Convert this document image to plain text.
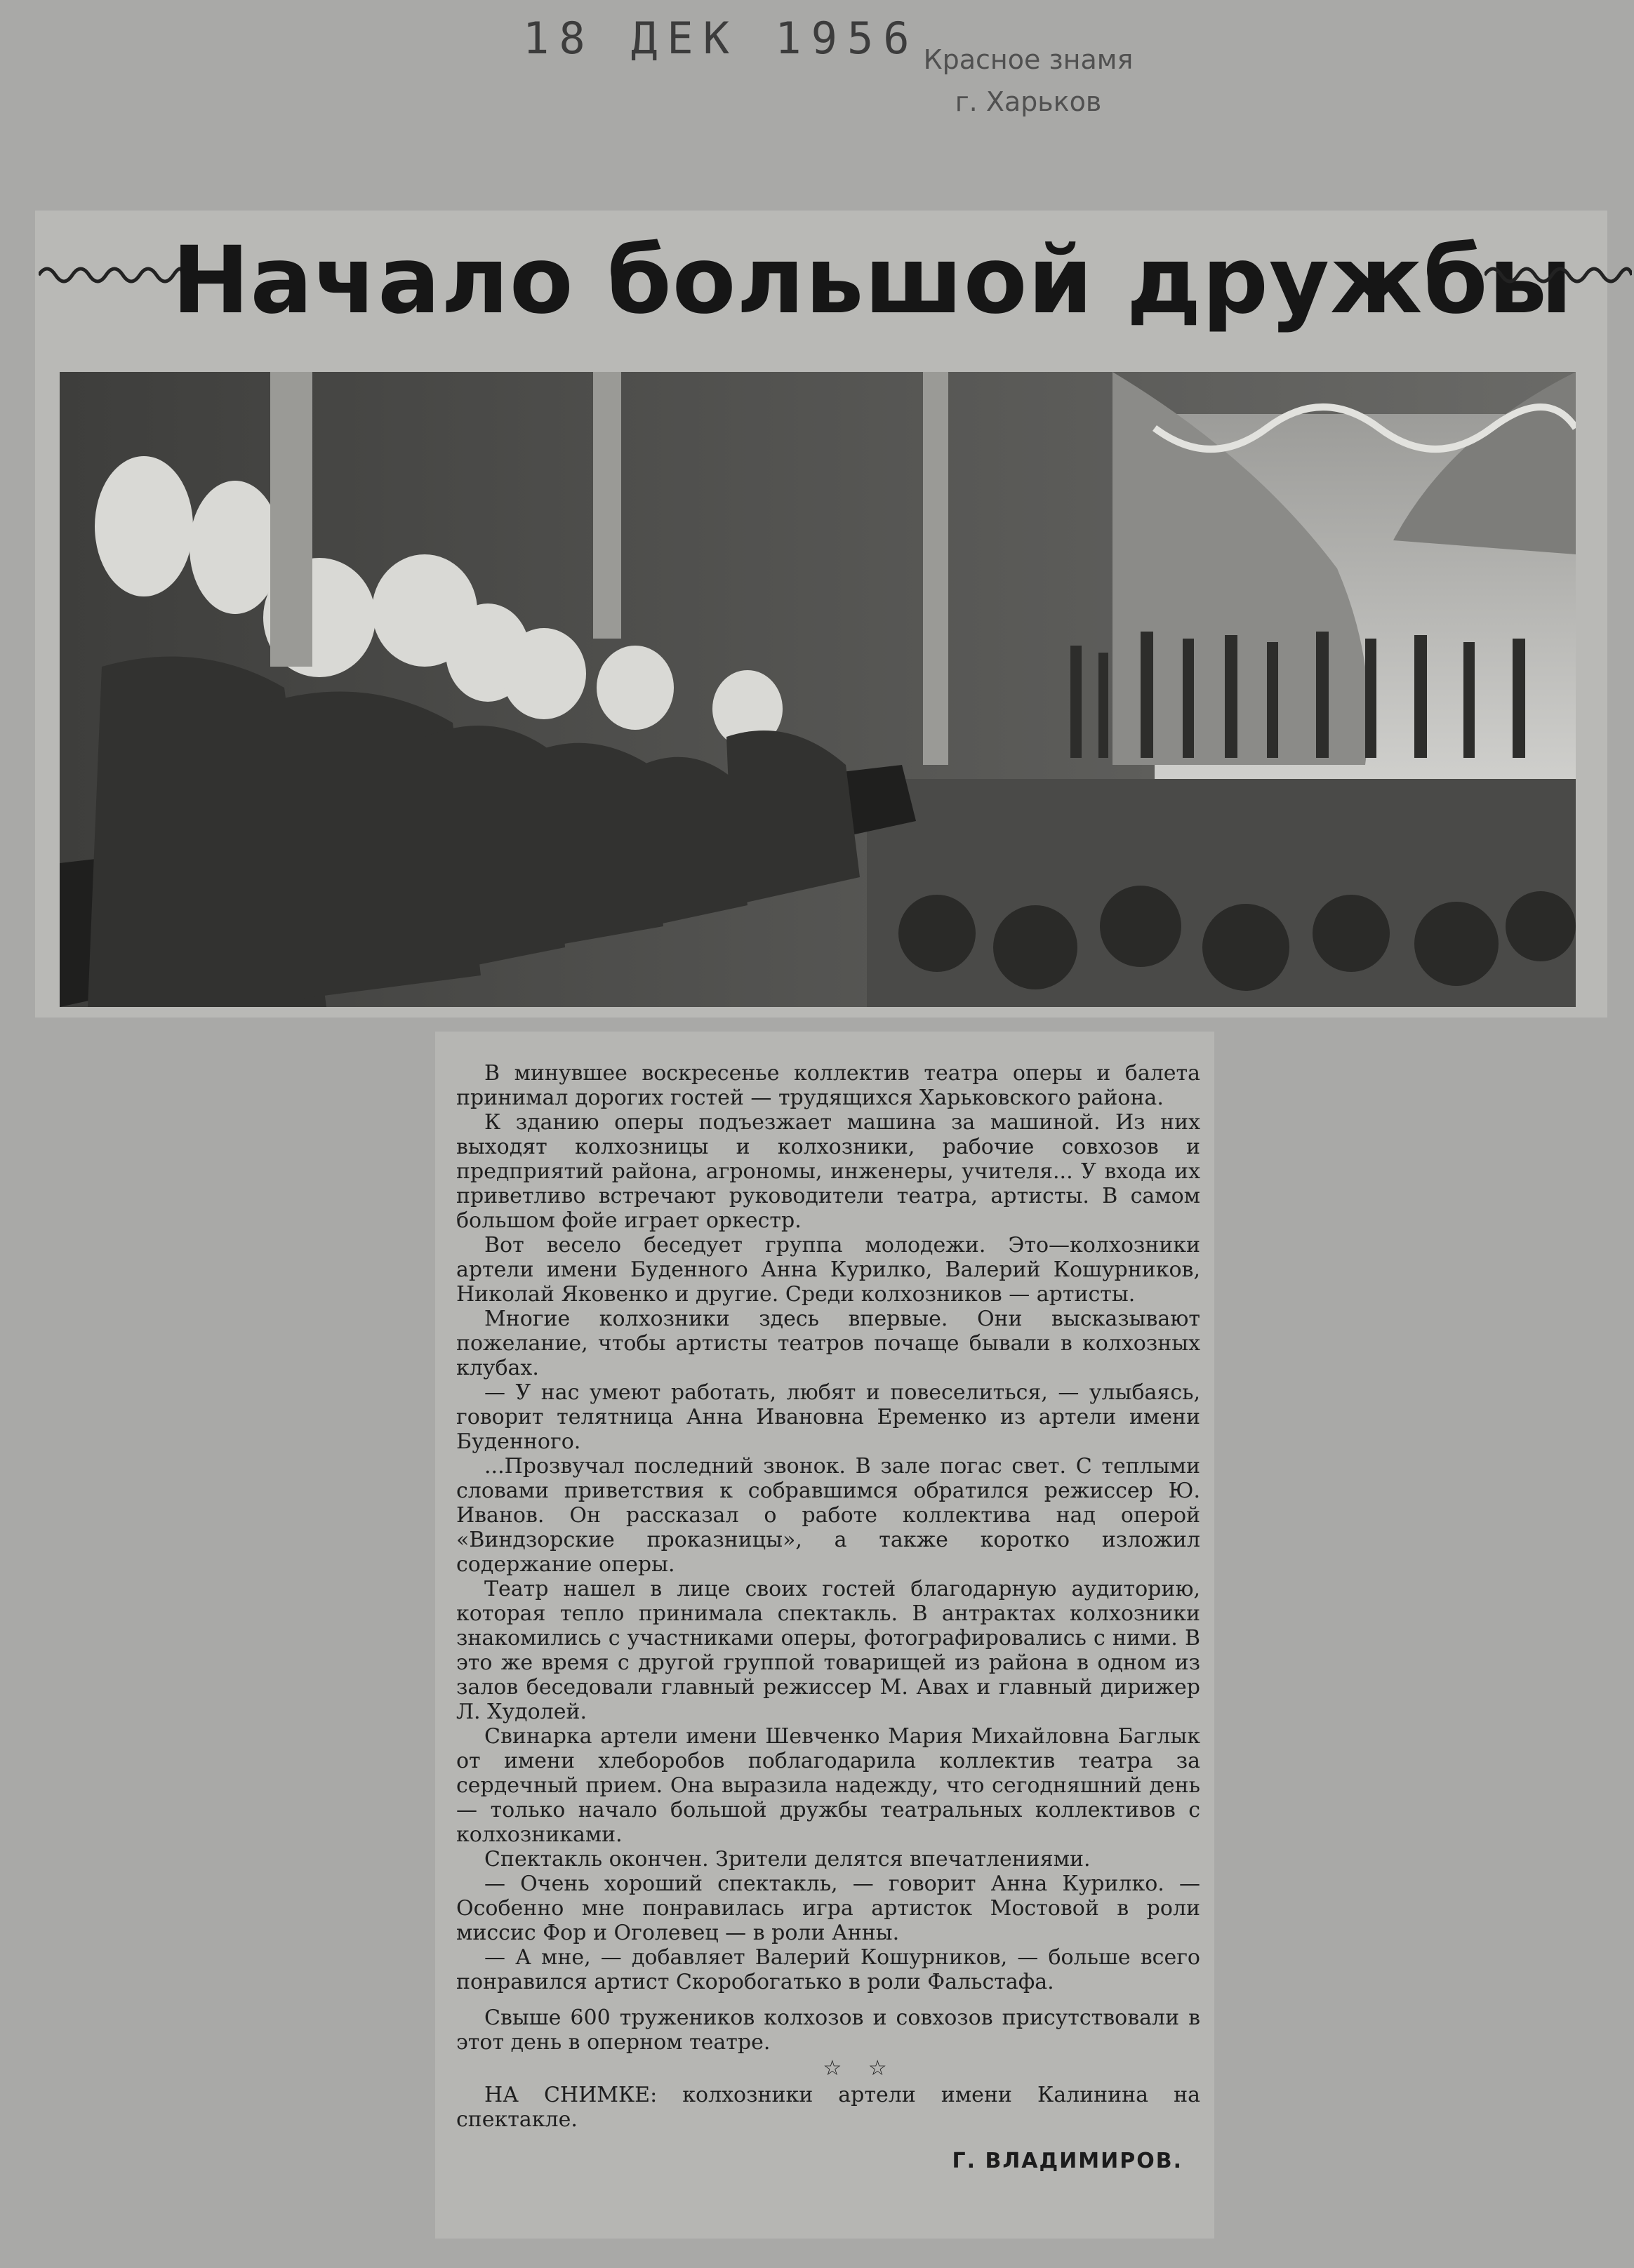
18 ДЕК 1956 Красное знамя
г. Харьков
Начало большой дружбы

В минувшее воскресенье коллектив театра оперы и балета принимал дорогих гостей — трудящихся Харьковского района.

К зданию оперы подъезжает машина за машиной. Из них выходят колхозницы и колхозники, рабочие совхозов и предприятий района, агрономы, инженеры, учителя... У входа их приветливо встречают руководители театра, артисты. В самом большом фойе играет оркестр.

Вот весело беседует группа молодежи. Это—колхозники артели имени Буденного Анна Курилко, Валерий Кошурников, Николай Яковенко и другие. Среди колхозников — артисты.

Многие колхозники здесь впервые. Они высказывают пожелание, чтобы артисты театров почаще бывали в колхозных клубах.

— У нас умеют работать, любят и повеселиться, — улыбаясь, говорит телятница Анна Ивановна Еременко из артели имени Буденного.

...Прозвучал последний звонок. В зале погас свет. С теплыми словами приветствия к собравшимся обратился режиссер Ю. Иванов. Он рассказал о работе коллектива над оперой «Виндзорские проказницы», а также коротко изложил содержание оперы.

Театр нашел в лице своих гостей благодарную аудиторию, которая тепло принимала спектакль. В антрактах колхозники знакомились с участниками оперы, фотографировались с ними. В это же время с другой группой товарищей из района в одном из залов беседовали главный режиссер М. Авах и главный дирижер Л. Худолей.

Свинарка артели имени Шевченко Мария Михайловна Баглык от имени хлеборобов поблагодарила коллектив театра за сердечный прием. Она выразила надежду, что сегодняшний день — только начало большой дружбы театральных коллективов с колхозниками.

Спектакль окончен. Зрители делятся впечатлениями.

— Очень хороший спектакль, — говорит Анна Курилко. — Особенно мне понравилась игра артисток Мостовой в роли миссис Фор и Оголевец — в роли Анны.

— А мне, — добавляет Валерий Кошурников, — больше всего понравился артист Скоробогатько в роли Фальстафа.

Свыше 600 тружеников колхозов и совхозов присутствовали в этот день в оперном театре.

☆ ☆

НА СНИМКЕ: колхозники артели имени Калинина на спектакле.

Г. ВЛАДИМИРОВ.
